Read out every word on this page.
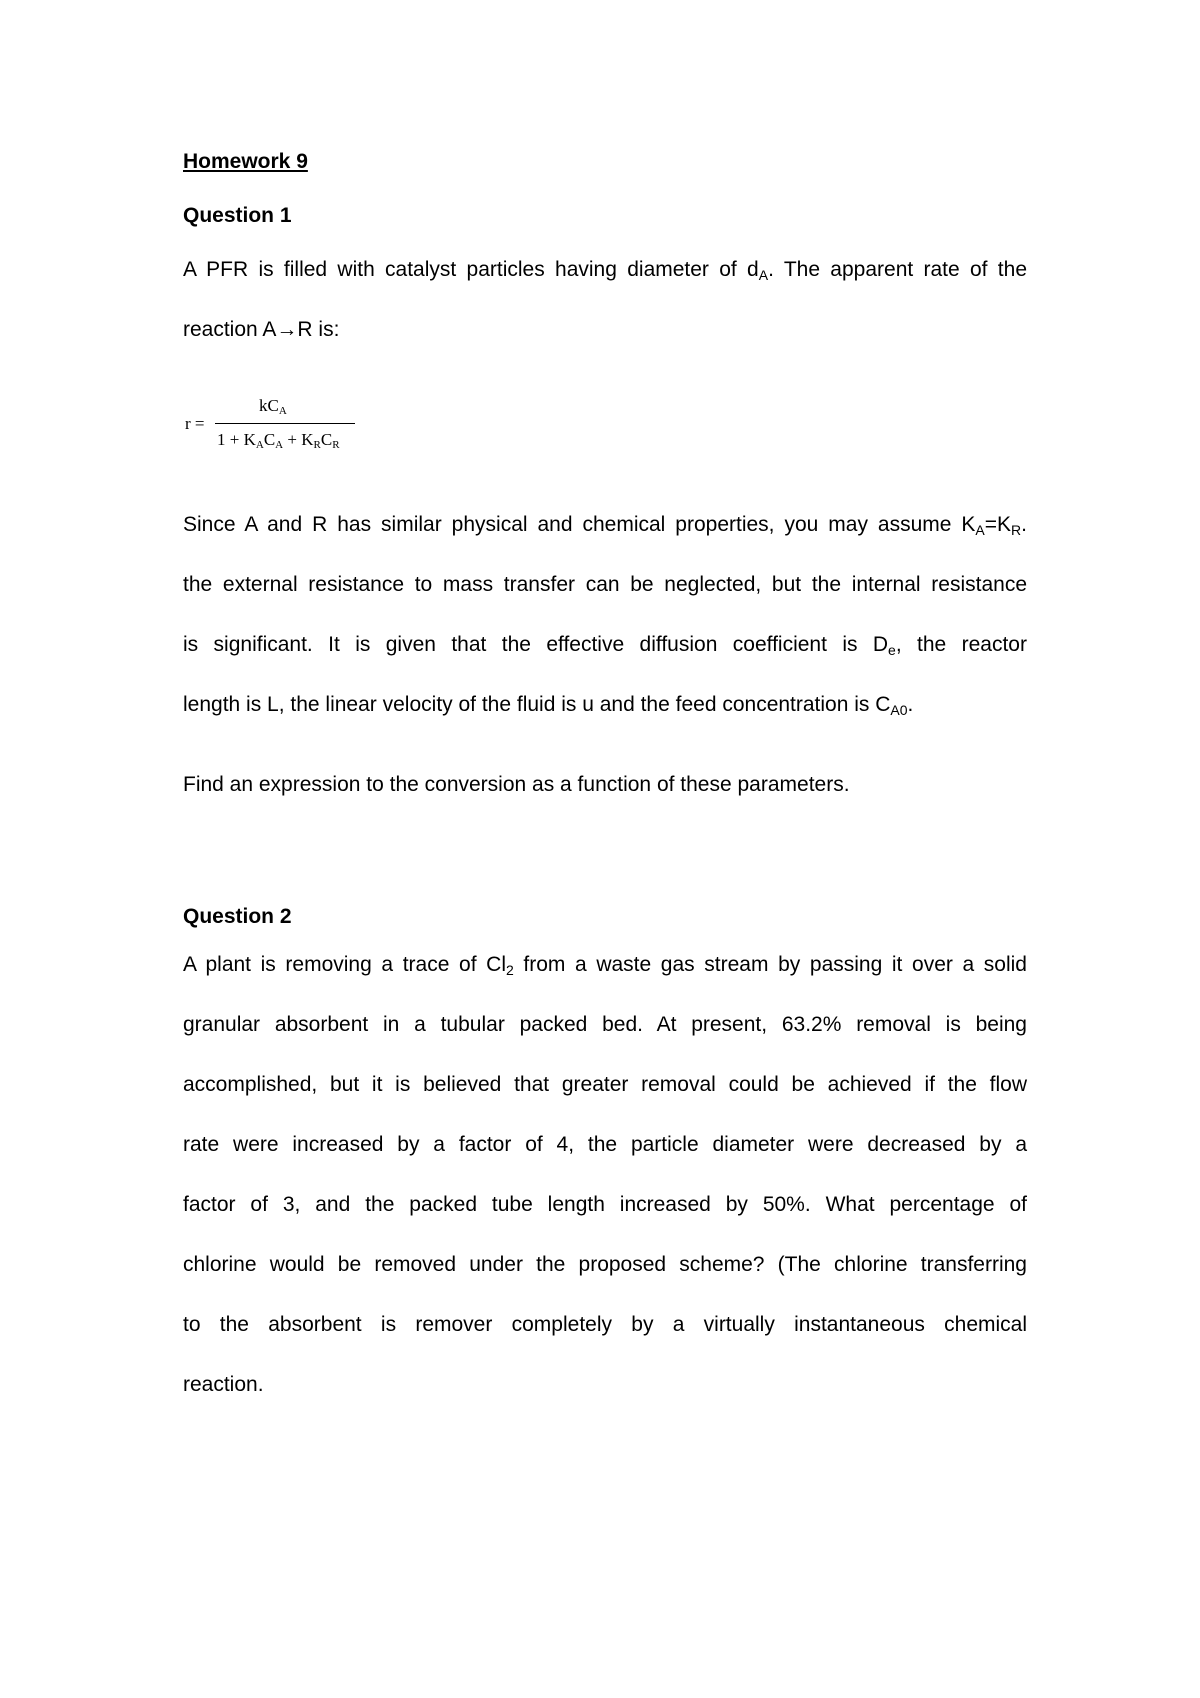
Homework 9
Question 1
A PFR is filled with catalyst particles having diameter of $d_A$. The apparent rate of the
reaction A→R is:
r =
$kC_A$
$1 + K_AC_A + K_RC_R$
Since A and R has similar physical and chemical properties, you may assume $K_A=K_R$.
the external resistance to mass transfer can be neglected, but the internal resistance
is significant. It is given that the effective diffusion coefficient is $D_e$, the reactor
length is L, the linear velocity of the fluid is u and the feed concentration is $C_{A0}$.
Find an expression to the conversion as a function of these parameters.
Question 2
A plant is removing a trace of $Cl_2$ from a waste gas stream by passing it over a solid
granular absorbent in a tubular packed bed. At present, 63.2% removal is being
accomplished, but it is believed that greater removal could be achieved if the flow
rate were increased by a factor of 4, the particle diameter were decreased by a
factor of 3, and the packed tube length increased by 50%. What percentage of
chlorine would be removed under the proposed scheme? (The chlorine transferring
to the absorbent is remover completely by a virtually instantaneous chemical
reaction.
